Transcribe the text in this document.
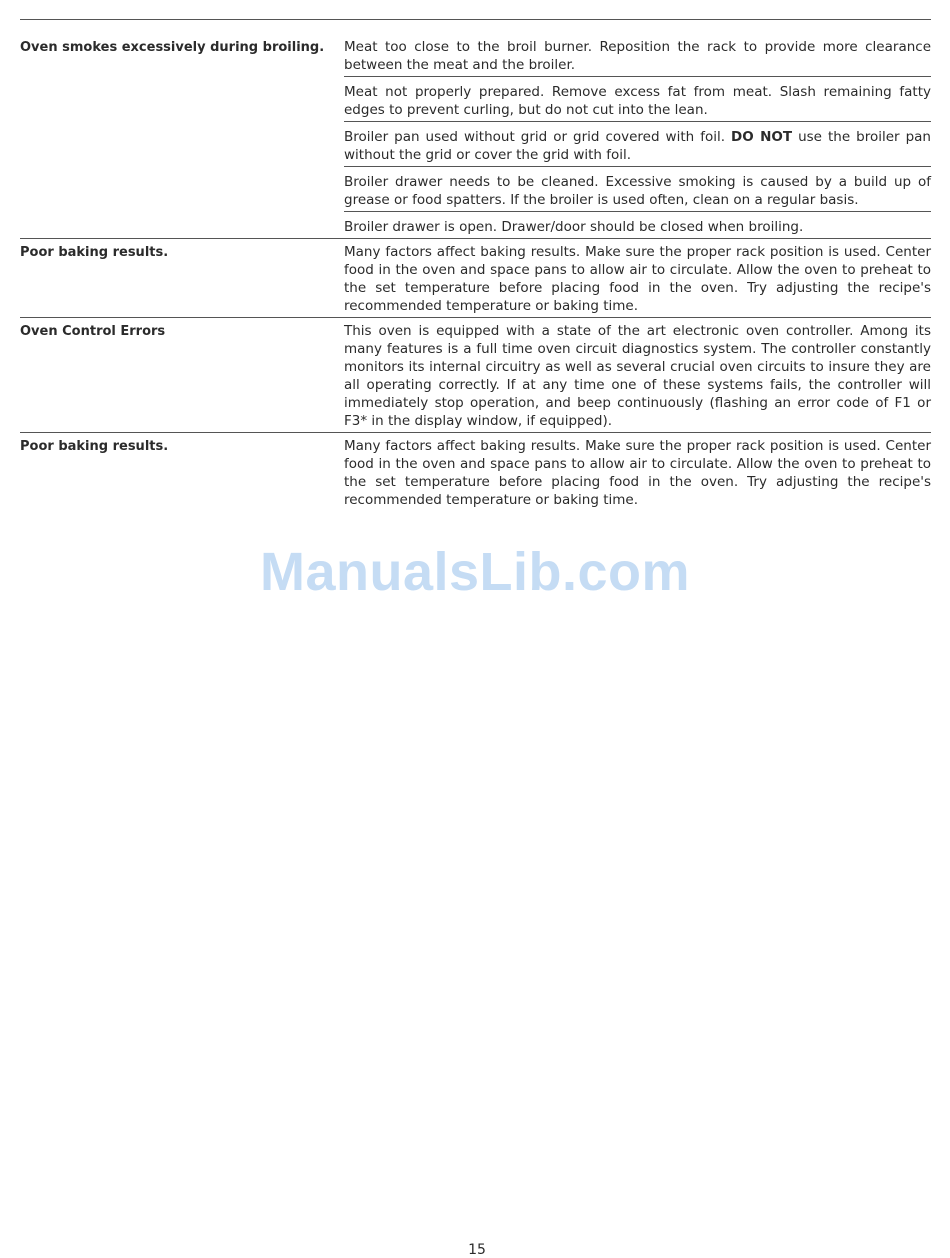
Oven smokes excessively during broiling.	Meat too close to the broil burner. Reposition the rack to provide more clearance between the meat and the broiler.
Meat not properly prepared. Remove excess fat from meat. Slash remaining fatty edges to prevent curling, but do not cut into the lean.
Broiler pan used without grid or grid covered with foil. DO NOT use the broiler pan without the grid or cover the grid with foil.
Broiler drawer needs to be cleaned. Excessive smoking is caused by a build up of grease or food spatters. If the broiler is used often, clean on a regular basis.
Broiler drawer is open. Drawer/door should be closed when broiling.
Poor baking results.	Many factors affect baking results. Make sure the proper rack position is used. Center food in the oven and space pans to allow air to circulate. Allow the oven to preheat to the set temperature before placing food in the oven. Try adjusting the recipe's recommended temperature or baking time.
Oven Control Errors	This oven is equipped with a state of the art electronic oven controller. Among its many features is a full time oven circuit diagnostics system. The controller constantly monitors its internal circuitry as well as several crucial oven circuits to insure they are all operating correctly. If at any time one of these systems fails, the controller will immediately stop operation, and beep continuously (flashing an error code of F1 or F3* in the display window, if equipped).
Poor baking results.	Many factors affect baking results. Make sure the proper rack position is used. Center food in the oven and space pans to allow air to circulate. Allow the oven to preheat to the set temperature before placing food in the oven. Try adjusting the recipe's recommended temperature or baking time.
ManualsLib.com
15
